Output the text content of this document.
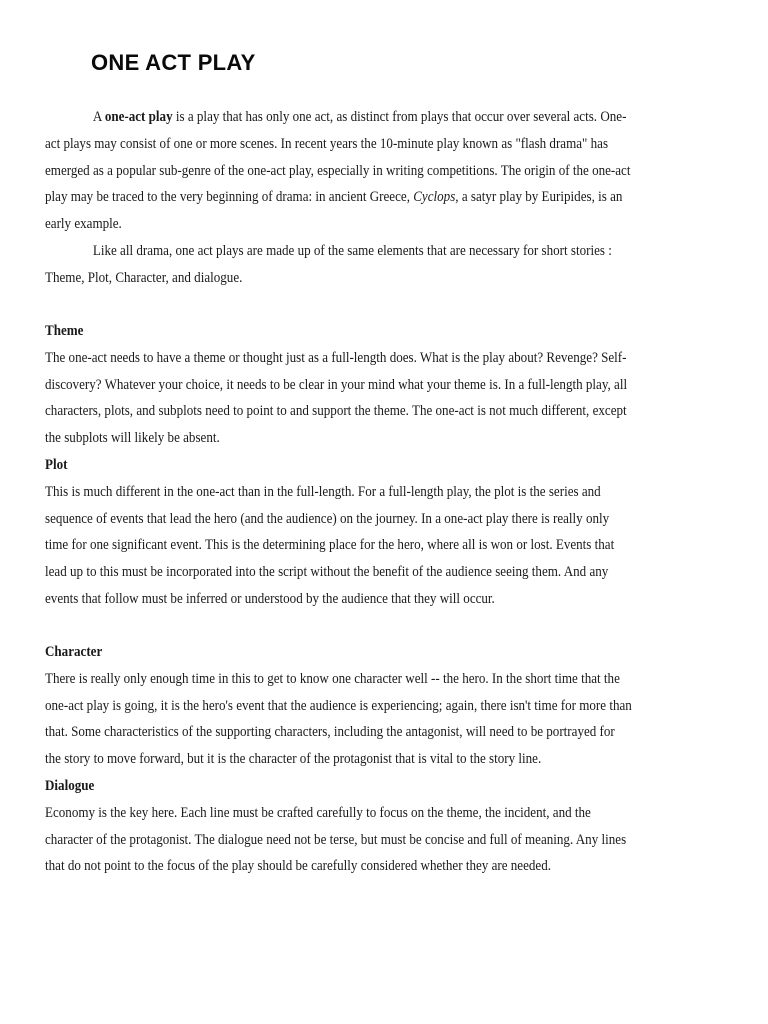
ONE ACT PLAY
A one-act play is a play that has only one act, as distinct from plays that occur over several acts. One-
act plays may consist of one or more scenes. In recent years the 10-minute play known as "flash drama" has
emerged as a popular sub-genre of the one-act play, especially in writing competitions. The origin of the one-act
play may be traced to the very beginning of drama: in ancient Greece, Cyclops, a satyr play by Euripides, is an
early example.
Like all drama, one act plays are made up of the same elements that are necessary for short stories :
Theme, Plot, Character, and dialogue.
Theme
The one-act needs to have a theme or thought just as a full-length does. What is the play about? Revenge? Self-
discovery? Whatever your choice, it needs to be clear in your mind what your theme is. In a full-length play, all
characters, plots, and subplots need to point to and support the theme. The one-act is not much different, except
the subplots will likely be absent.
Plot
This is much different in the one-act than in the full-length. For a full-length play, the plot is the series and
sequence of events that lead the hero (and the audience) on the journey. In a one-act play there is really only
time for one significant event. This is the determining place for the hero, where all is won or lost. Events that
lead up to this must be incorporated into the script without the benefit of the audience seeing them. And any
events that follow must be inferred or understood by the audience that they will occur.
Character
There is really only enough time in this to get to know one character well -- the hero. In the short time that the
one-act play is going, it is the hero's event that the audience is experiencing; again, there isn't time for more than
that. Some characteristics of the supporting characters, including the antagonist, will need to be portrayed for
the story to move forward, but it is the character of the protagonist that is vital to the story line.
Dialogue
Economy is the key here. Each line must be crafted carefully to focus on the theme, the incident, and the
character of the protagonist. The dialogue need not be terse, but must be concise and full of meaning. Any lines
that do not point to the focus of the play should be carefully considered whether they are needed.
